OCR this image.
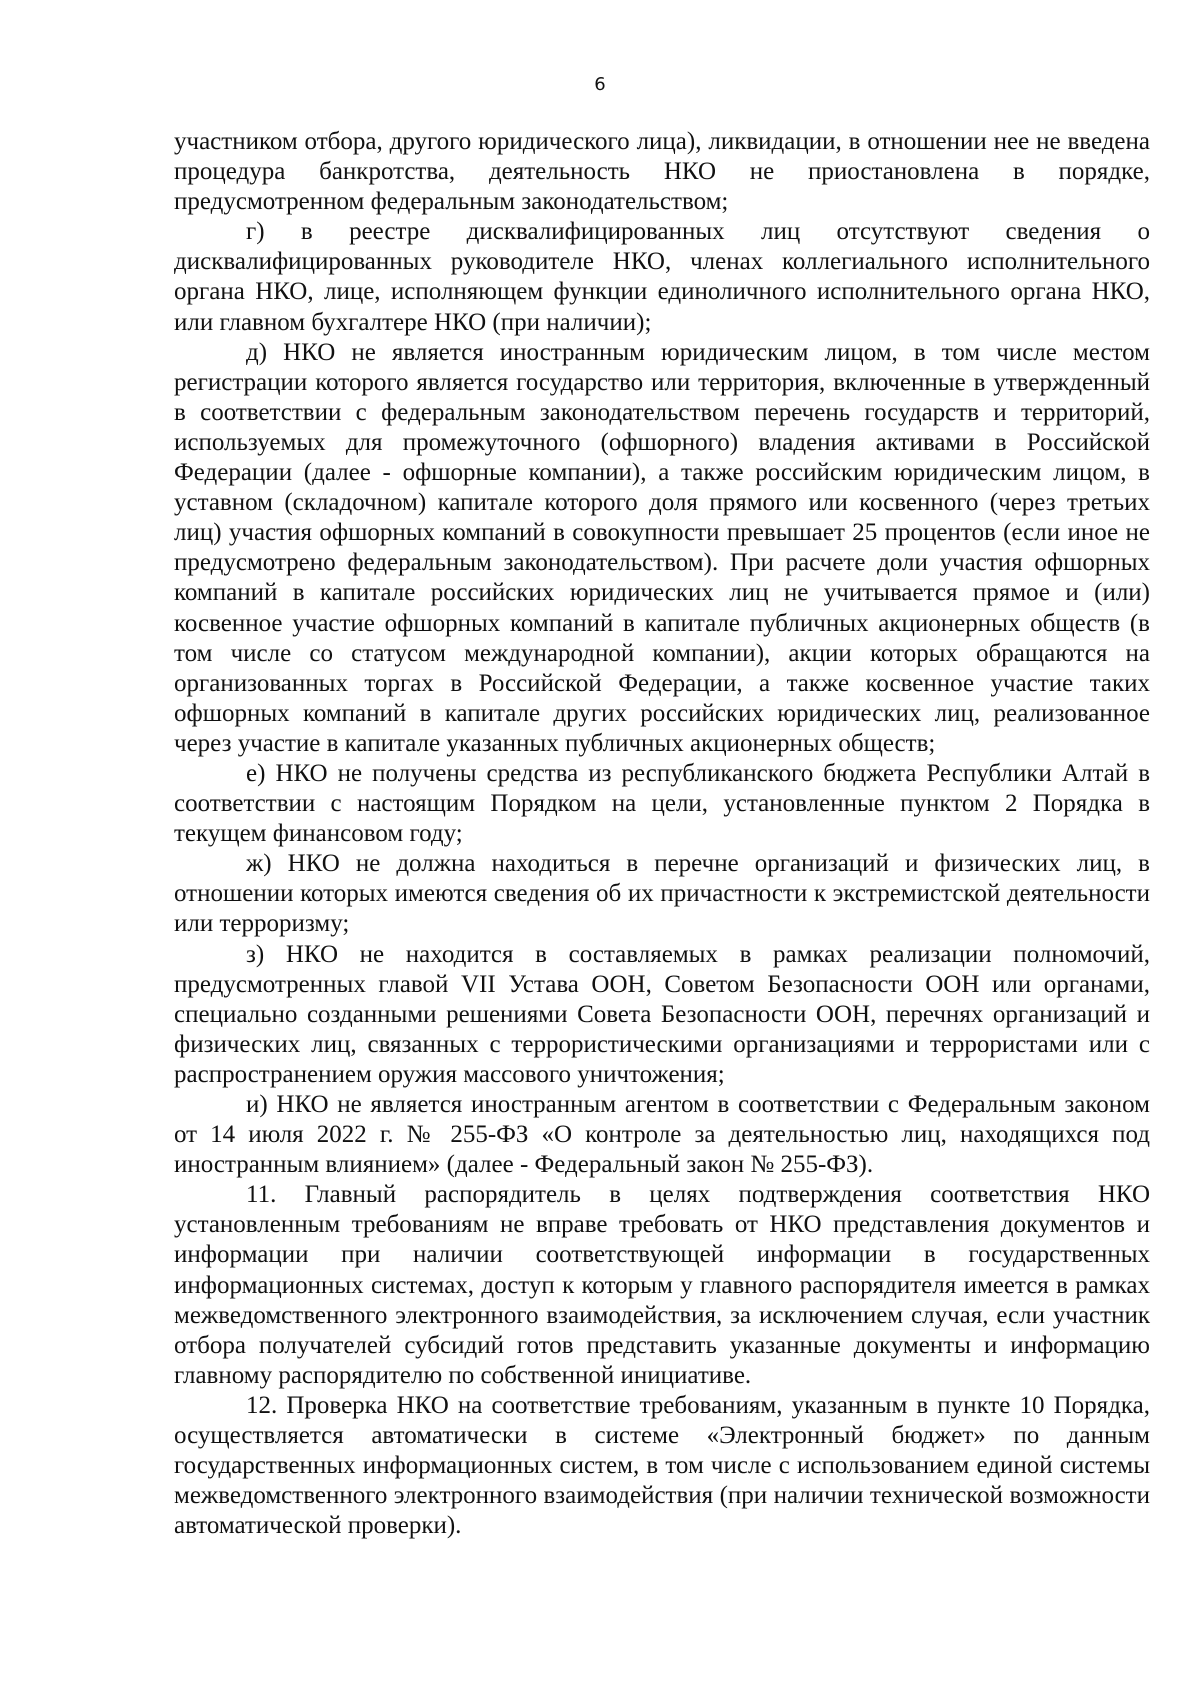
6

участником отбора, другого юридического лица), ликвидации, в отношении нее не введена процедура банкротства, деятельность НКО не приостановлена в порядке, предусмотренном федеральным законодательством;

г) в реестре дисквалифицированных лиц отсутствуют сведения о дисквалифицированных руководителе НКО, членах коллегиального исполнительного органа НКО, лице, исполняющем функции единоличного исполнительного органа НКО, или главном бухгалтере НКО (при наличии);

д) НКО не является иностранным юридическим лицом, в том числе местом регистрации которого является государство или территория, включенные в утвержденный в соответствии с федеральным законодательством перечень государств и территорий, используемых для промежуточного (офшорного) владения активами в Российской Федерации (далее - офшорные компании), а также российским юридическим лицом, в уставном (складочном) капитале которого доля прямого или косвенного (через третьих лиц) участия офшорных компаний в совокупности превышает 25 процентов (если иное не предусмотрено федеральным законодательством). При расчете доли участия офшорных компаний в капитале российских юридических лиц не учитывается прямое и (или) косвенное участие офшорных компаний в капитале публичных акционерных обществ (в том числе со статусом международной компании), акции которых обращаются на организованных торгах в Российской Федерации, а также косвенное участие таких офшорных компаний в капитале других российских юридических лиц, реализованное через участие в капитале указанных публичных акционерных обществ;

е) НКО не получены средства из республиканского бюджета Республики Алтай в соответствии с настоящим Порядком на цели, установленные пунктом 2 Порядка в текущем финансовом году;

ж) НКО не должна находиться в перечне организаций и физических лиц, в отношении которых имеются сведения об их причастности к экстремистской деятельности или терроризму;

з) НКО не находится в составляемых в рамках реализации полномочий, предусмотренных главой VII Устава ООН, Советом Безопасности ООН или органами, специально созданными решениями Совета Безопасности ООН, перечнях организаций и физических лиц, связанных с террористическими организациями и террористами или с распространением оружия массового уничтожения;

и) НКО не является иностранным агентом в соответствии с Федеральным законом от 14 июля 2022 г. № 255-ФЗ «О контроле за деятельностью лиц, находящихся под иностранным влиянием» (далее - Федеральный закон № 255-ФЗ).

11. Главный распорядитель в целях подтверждения соответствия НКО установленным требованиям не вправе требовать от НКО представления документов и информации при наличии соответствующей информации в государственных информационных системах, доступ к которым у главного распорядителя имеется в рамках межведомственного электронного взаимодействия, за исключением случая, если участник отбора получателей субсидий готов представить указанные документы и информацию главному распорядителю по собственной инициативе.

12. Проверка НКО на соответствие требованиям, указанным в пункте 10 Порядка, осуществляется автоматически в системе «Электронный бюджет» по данным государственных информационных систем, в том числе с использованием единой системы межведомственного электронного взаимодействия (при наличии технической возможности автоматической проверки).
